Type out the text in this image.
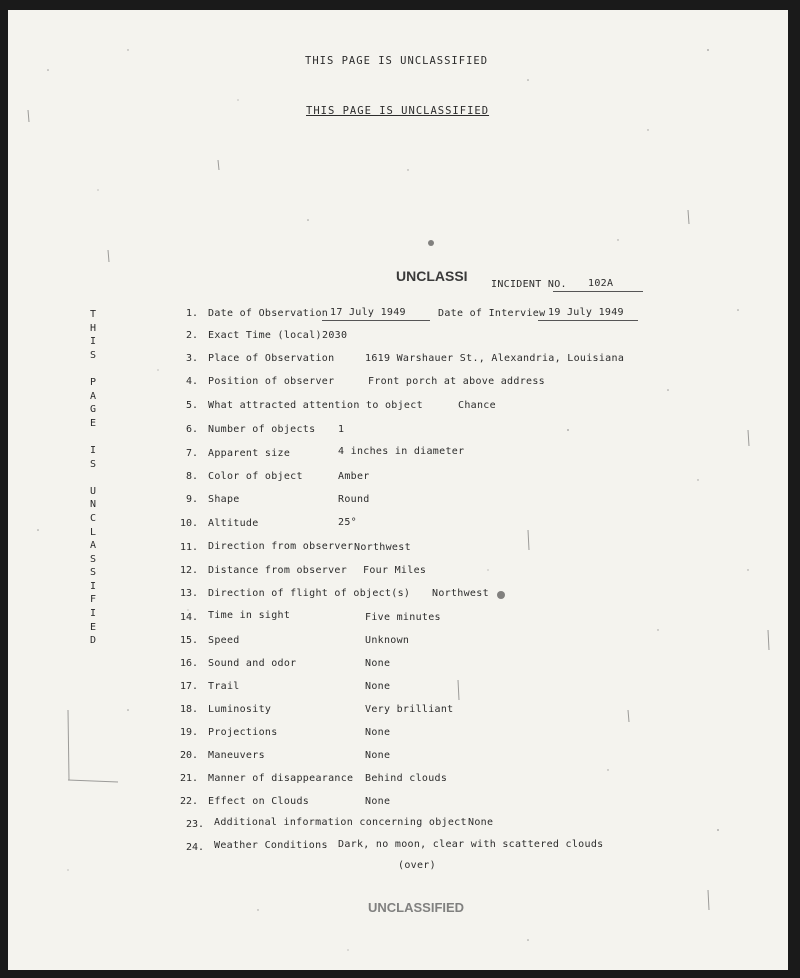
THIS PAGE IS UNCLASSIFIED
THIS PAGE IS UNCLASSIFIED
UNCLASSI
INCIDENT NO. 102A
T
H
I
S

P
A
G
E

I
S

U
N
C
L
A
S
S
I
F
I
E
D
1. Date of Observation 17 July 1949	Date of Interview 19 July 1949
2. Exact Time (local) 2030
3. Place of Observation	1619 Warshauer St., Alexandria, Louisiana
4. Position of observer	Front porch at above address
5. What attracted attention to object	Chance
6. Number of objects 1
7. Apparent size	4 inches in diameter
8. Color of object	Amber
9. Shape	Round
10. Altitude	25°
11. Direction from observer Northwest
12. Distance from observer Four Miles
13. Direction of flight of object(s) Northwest
14. Time in sight	Five minutes
15. Speed	Unknown
16. Sound and odor	None
17. Trail	None
18. Luminosity	Very brilliant
19. Projections	None
20. Maneuvers	None
21. Manner of disappearance Behind clouds
22. Effect on Clouds	None
23. Additional information concerning object None
24. Weather Conditions Dark, no moon, clear with scattered clouds
(over)
UNCLASSIFIED
